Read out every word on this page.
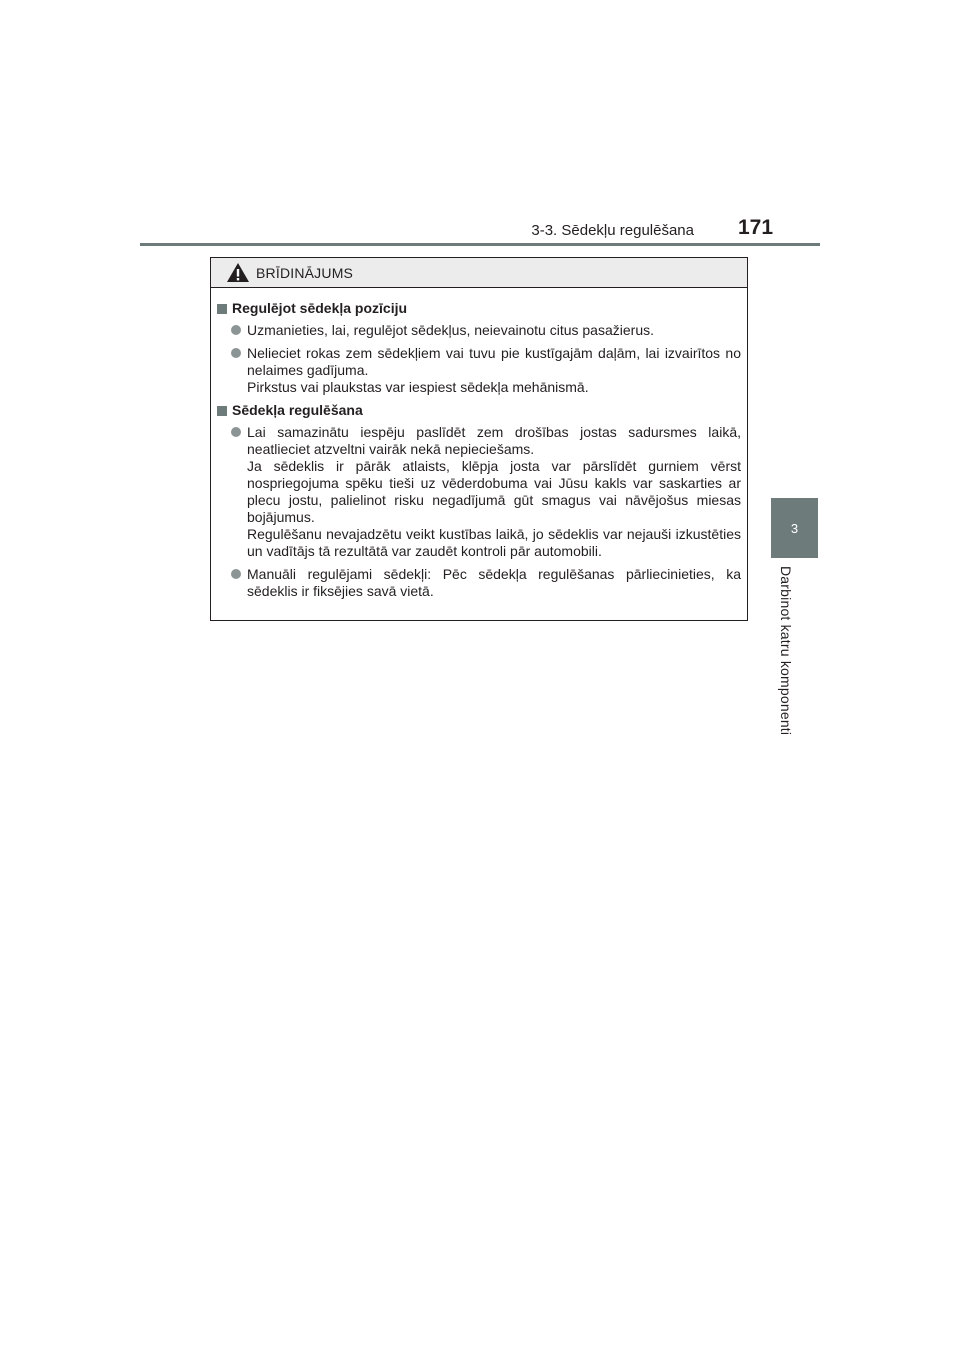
3-3. Sēdekļu regulēšana 171
3
Darbinot katru komponenti
BRĪDINĀJUMS
Regulējot sēdekļa pozīciju

Uzmanieties, lai, regulējot sēdekļus, neievainotu citus pasažierus.

Nelieciet rokas zem sēdekļiem vai tuvu pie kustīgajām daļām, lai izvairītos no nelaimes gadījuma.

Pirkstus vai plaukstas var iespiest sēdekļa mehānismā.

Sēdekļa regulēšana

Lai samazinātu iespēju paslīdēt zem drošības jostas sadursmes laikā, neatlieciet atzveltni vairāk nekā nepieciešams.

Ja sēdeklis ir pārāk atlaists, klēpja josta var pārslīdēt gurniem vērst nospriegojuma spēku tieši uz vēderdobuma vai Jūsu kakls var saskarties ar plecu jostu, palielinot risku negadījumā gūt smagus vai nāvējošus miesas bojājumus.

Regulēšanu nevajadzētu veikt kustības laikā, jo sēdeklis var nejauši izkustēties un vadītājs tā rezultātā var zaudēt kontroli pār automobili.

Manuāli regulējami sēdekļi: Pēc sēdekļa regulēšanas pārliecinieties, ka sēdeklis ir fiksējies savā vietā.
